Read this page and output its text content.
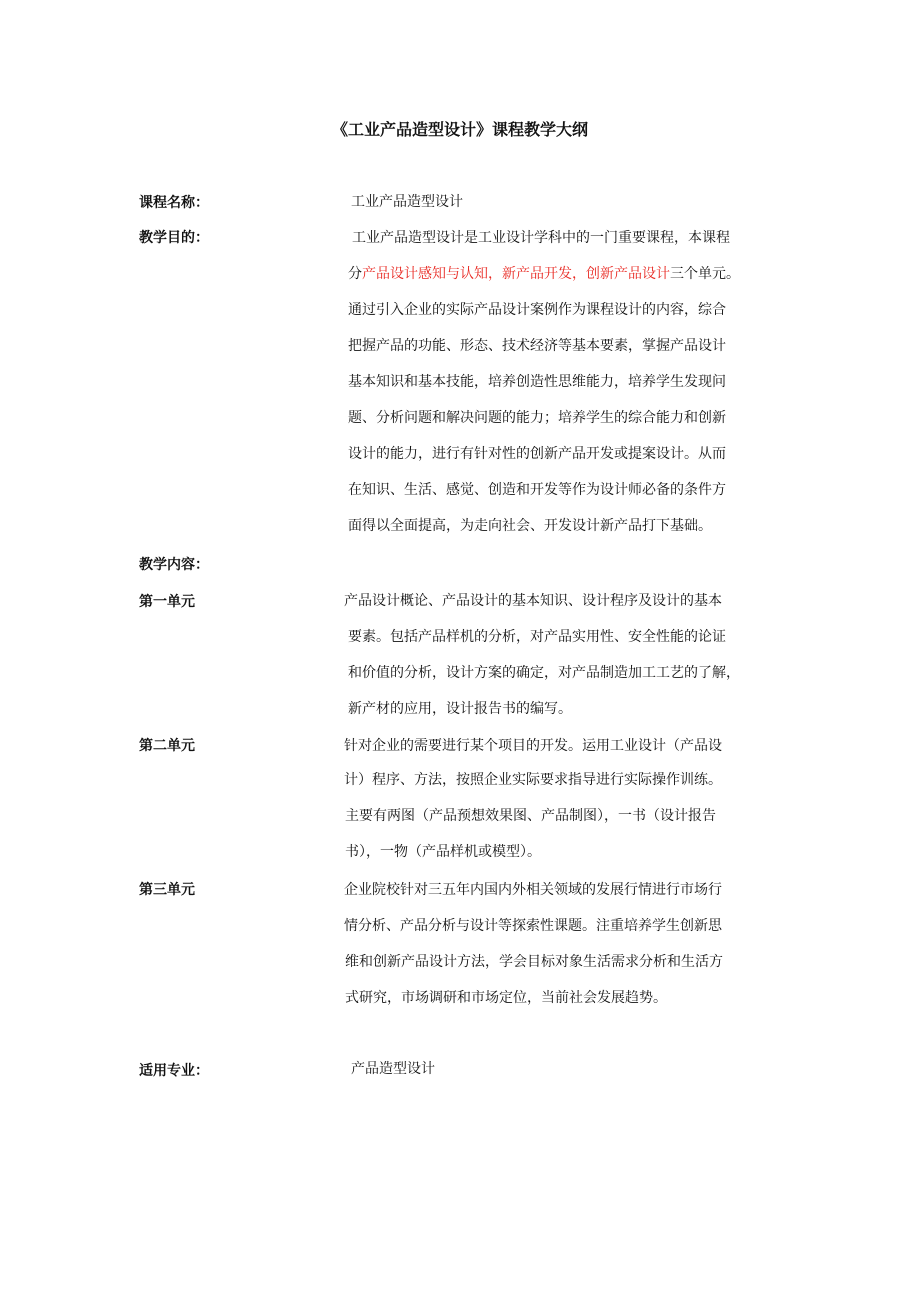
《工业产品造型设计》课程教学大纲
课程名称：	工业产品造型设计
教学目的：	工业产品造型设计是工业设计学科中的一门重要课程，本课程
分产品设计感知与认知，新产品开发，创新产品设计三个单元。
通过引入企业的实际产品设计案例作为课程设计的内容，综合
把握产品的功能、形态、技术经济等基本要素，掌握产品设计
基本知识和基本技能，培养创造性思维能力，培养学生发现问
题、分析问题和解决问题的能力；培养学生的综合能力和创新
设计的能力，进行有针对性的创新产品开发或提案设计。从而
在知识、生活、感觉、创造和开发等作为设计师必备的条件方
面得以全面提高，为走向社会、开发设计新产品打下基础。
教学内容：
第一单元	产品设计概论、产品设计的基本知识、设计程序及设计的基本
要素。包括产品样机的分析，对产品实用性、安全性能的论证
和价值的分析，设计方案的确定，对产品制造加工工艺的了解，
新产材的应用，设计报告书的编写。
第二单元	针对企业的需要进行某个项目的开发。运用工业设计（产品设
计）程序、方法，按照企业实际要求指导进行实际操作训练。
主要有两图（产品预想效果图、产品制图），一书（设计报告
书），一物（产品样机或模型）。
第三单元	企业院校针对三五年内国内外相关领域的发展行情进行市场行
情分析、产品分析与设计等探索性课题。注重培养学生创新思
维和创新产品设计方法，学会目标对象生活需求分析和生活方
式研究，市场调研和市场定位，当前社会发展趋势。
适用专业：	产品造型设计
